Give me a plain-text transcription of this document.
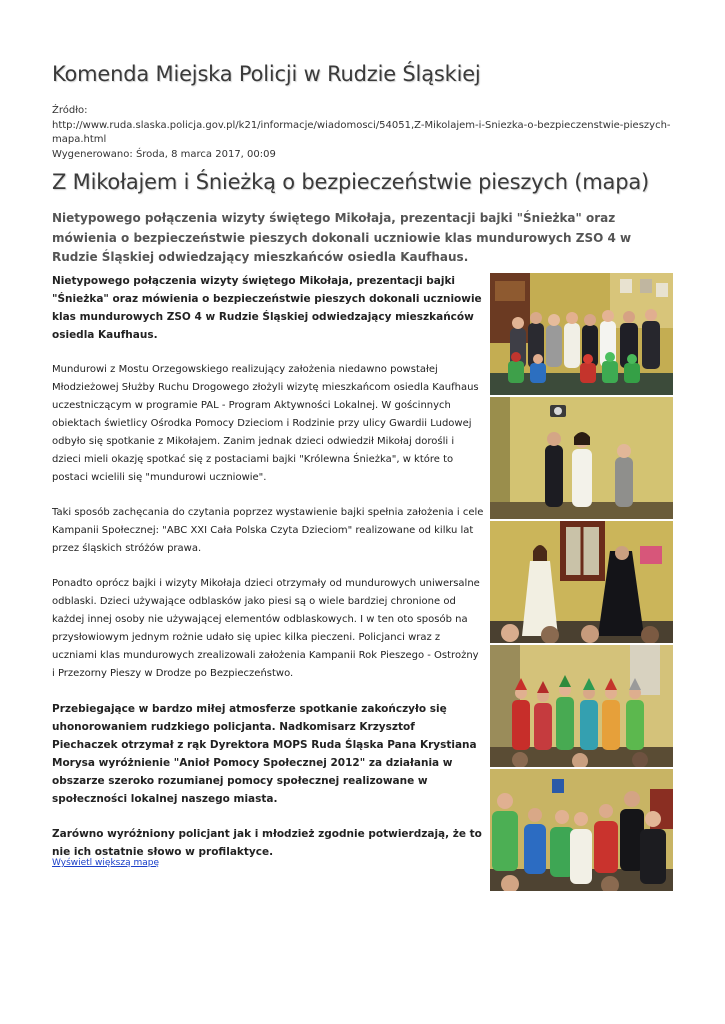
Komenda Miejska Policji w Rudzie Śląskiej
Źródło:
http://www.ruda.slaska.policja.gov.pl/k21/informacje/wiadomosci/54051,Z-Mikolajem-i-Sniezka-o-bezpieczenstwie-pieszych-mapa.html
Wygenerowano: Środa, 8 marca 2017, 00:09
Z Mikołajem i Śnieżką o bezpieczeństwie pieszych (mapa)
Nietypowego połączenia wizyty świętego Mikołaja, prezentacji bajki "Śnieżka" oraz mówienia o bezpieczeństwie pieszych dokonali uczniowie klas mundurowych ZSO 4 w Rudzie Śląskiej odwiedzający mieszkańców osiedla Kaufhaus.

Nietypowego połączenia wizyty świętego Mikołaja, prezentacji bajki "Śnieżka" oraz mówienia o bezpieczeństwie pieszych dokonali uczniowie klas mundurowych ZSO 4 w Rudzie Śląskiej odwiedzający mieszkańców osiedla Kaufhaus.

Mundurowi z Mostu Orzegowskiego realizujący założenia niedawno powstałej Młodzieżowej Służby Ruchu Drogowego złożyli wizytę mieszkańcom osiedla Kaufhaus uczestniczącym w programie PAL - Program Aktywności Lokalnej. W gościnnych obiektach świetlicy Ośrodka Pomocy Dzieciom i Rodzinie przy ulicy Gwardii Ludowej odbyło się spotkanie z Mikołajem. Zanim jednak dzieci odwiedził Mikołaj dorośli i dzieci mieli okazję spotkać się z postaciami bajki "Królewna Śnieżka", w które to postaci wcielili się "mundurowi uczniowie".

Taki sposób zachęcania do czytania poprzez wystawienie bajki spełnia założenia i cele Kampanii Społecznej: "ABC XXI Cała Polska Czyta Dzieciom" realizowane od kilku lat przez śląskich stróżów prawa.

Ponadto oprócz bajki i wizyty Mikołaja dzieci otrzymały od mundurowych uniwersalne odblaski. Dzieci używające odblasków jako piesi są o wiele bardziej chronione od każdej innej osoby nie używającej elementów odblaskowych. I w ten oto sposób na przysłowiowym jednym rożnie udało się upiec kilka pieczeni. Policjanci wraz z uczniami klas mundurowych zrealizowali założenia Kampanii Rok Pieszego - Ostrożny i Przezorny Pieszy w Drodze po Bezpieczeństwo.

Przebiegające w bardzo miłej atmosferze spotkanie zakończyło się uhonorowaniem rudzkiego policjanta. Nadkomisarz Krzysztof Piechaczek otrzymał z rąk Dyrektora MOPS Ruda Śląska Pana Krystiana Morysa wyróżnienie "Anioł Pomocy Społecznej 2012" za działania w obszarze szeroko rozumianej pomocy społecznej realizowane w społeczności lokalnej naszego miasta.

Zarówno wyróżniony policjant jak i młodzież zgodnie potwierdzają, że to nie ich ostatnie słowo w profilaktyce.

Wyświetl większą mapę
